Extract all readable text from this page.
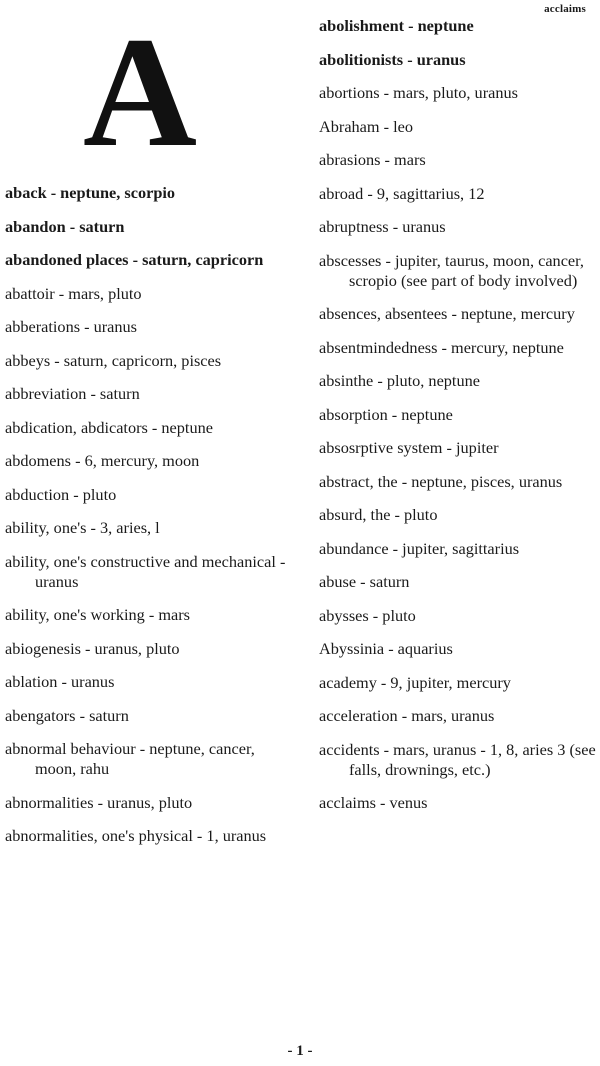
acclaims
A
aback - neptune, scorpio
abandon - saturn
abandoned places - saturn, capricorn
abattoir - mars, pluto
abberations - uranus
abbeys - saturn, capricorn, pisces
abbreviation - saturn
abdication, abdicators - neptune
abdomens - 6, mercury, moon
abduction - pluto
ability, one's - 3, aries, l
ability, one's constructive and mechanical - uranus
ability, one's working - mars
abiogenesis - uranus, pluto
ablation - uranus
abengators - saturn
abnormal behaviour - neptune, cancer, moon, rahu
abnormalities - uranus, pluto
abnormalities, one's physical - 1, uranus
abolishment - neptune
abolitionists - uranus
abortions - mars, pluto, uranus
Abraham - leo
abrasions - mars
abroad - 9, sagittarius, 12
abruptness - uranus
abscesses - jupiter, taurus, moon, cancer, scropio (see part of body involved)
absences, absentees - neptune, mercury
absentmindedness - mercury, neptune
absinthe - pluto, neptune
absorption - neptune
absosrptive system - jupiter
abstract, the - neptune, pisces, uranus
absurd, the - pluto
abundance - jupiter, sagittarius
abuse - saturn
abysses - pluto
Abyssinia - aquarius
academy - 9, jupiter, mercury
acceleration - mars, uranus
accidents - mars, uranus - 1, 8, aries 3 (see falls, drownings, etc.)
acclaims - venus
- 1 -
